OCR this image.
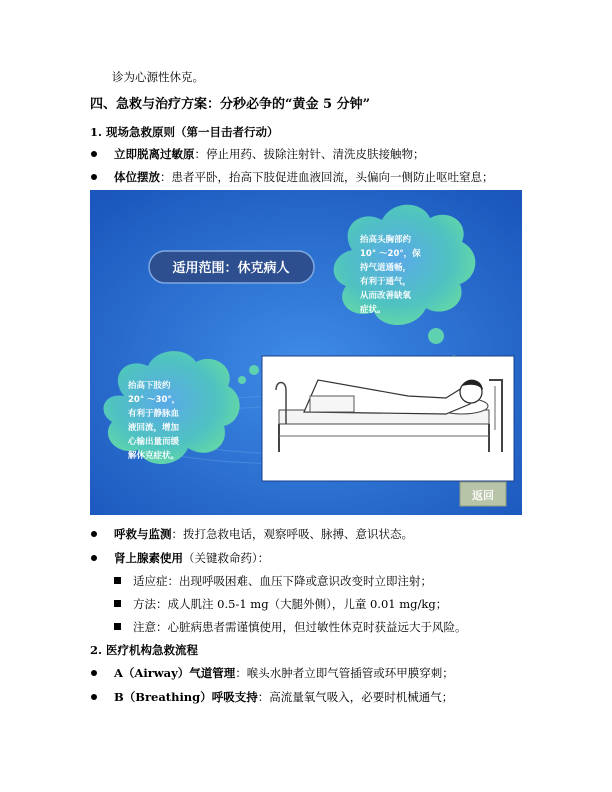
诊为心源性休克。
四、急救与治疗方案：分秒必争的“黄金 5 分钟”
1. 现场急救原则（第一目击者行动）
立即脱离过敏原：停止用药、拔除注射针、清洗皮肤接触物；
体位摆放：患者平卧，抬高下肢促进血液回流，头偏向一侧防止呕吐窒息；
适用范围：休克病人
抬高头胸部约
10° ～20°，保
持气道通畅，
有利于通气，
从而改善缺氧
症状。
抬高下肢约
20° ～30°，
有利于静脉血
液回流，增加
心输出量而缓
解休克症状。
返回
呼救与监测：拨打急救电话，观察呼吸、脉搏、意识状态。
肾上腺素使用（关键救命药）：
适应症：出现呼吸困难、血压下降或意识改变时立即注射；
方法：成人肌注 0.5-1 mg（大腿外侧），儿童 0.01 mg/kg；
注意：心脏病患者需谨慎使用，但过敏性休克时获益远大于风险。
2. 医疗机构急救流程
A（Airway）气道管理：喉头水肿者立即气管插管或环甲膜穿刺；
B（Breathing）呼吸支持：高流量氧气吸入，必要时机械通气；
